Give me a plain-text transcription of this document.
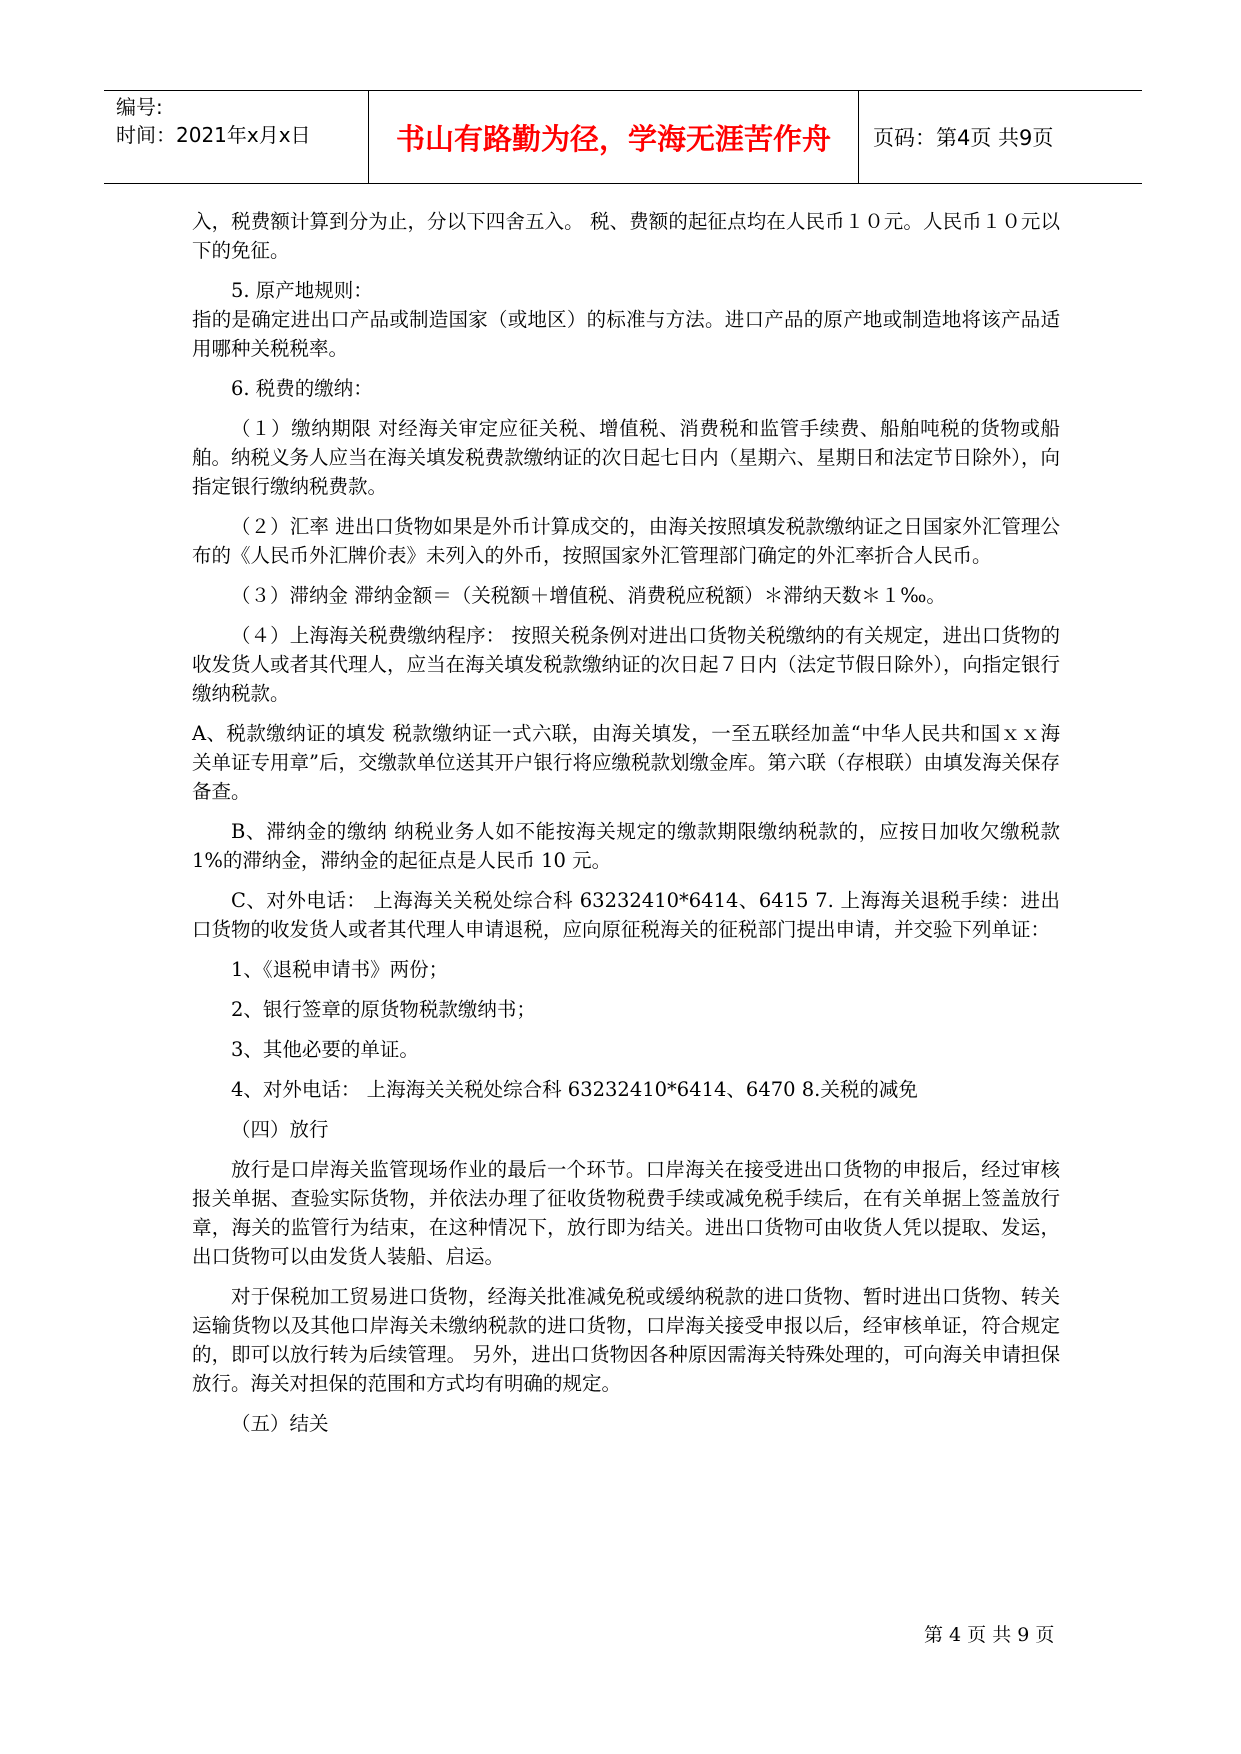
编号:
时间：2021年x月x日	书山有路勤为径，学海无涯苦作舟	页码：第4页 共9页

入，税费额计算到分为止，分以下四舍五入。 税、费额的起征点均在人民币１０元。人民币１０元以下的免征。

5. 原产地规则：

指的是确定进出口产品或制造国家（或地区）的标准与方法。进口产品的原产地或制造地将该产品适用哪种关税税率。

6. 税费的缴纳：

（１）缴纳期限 对经海关审定应征关税、增值税、消费税和监管手续费、船舶吨税的货物或船舶。纳税义务人应当在海关填发税费款缴纳证的次日起七日内（星期六、星期日和法定节日除外），向指定银行缴纳税费款。

（２）汇率 进出口货物如果是外币计算成交的，由海关按照填发税款缴纳证之日国家外汇管理公布的《人民币外汇牌价表》未列入的外币，按照国家外汇管理部门确定的外汇率折合人民币。

（３）滞纳金 滞纳金额＝（关税额＋增值税、消费税应税额）＊滞纳天数＊１‰。

（４）上海海关税费缴纳程序： 按照关税条例对进出口货物关税缴纳的有关规定，进出口货物的收发货人或者其代理人，应当在海关填发税款缴纳证的次日起７日内（法定节假日除外），向指定银行缴纳税款。

A、税款缴纳证的填发 税款缴纳证一式六联，由海关填发，一至五联经加盖“中华人民共和国ｘｘ海关单证专用章”后，交缴款单位送其开户银行将应缴税款划缴金库。第六联（存根联）由填发海关保存备查。

B、滞纳金的缴纳 纳税业务人如不能按海关规定的缴款期限缴纳税款的，应按日加收欠缴税款 1%的滞纳金，滞纳金的起征点是人民币 10 元。

C、对外电话： 上海海关关税处综合科 63232410*6414、6415 7. 上海海关退税手续：进出口货物的收发货人或者其代理人申请退税，应向原征税海关的征税部门提出申请，并交验下列单证：

1、《退税申请书》两份；

2、银行签章的原货物税款缴纳书；

3、其他必要的单证。

4、对外电话： 上海海关关税处综合科 63232410*6414、6470 8.关税的减免

（四）放行

放行是口岸海关监管现场作业的最后一个环节。口岸海关在接受进出口货物的申报后，经过审核报关单据、查验实际货物，并依法办理了征收货物税费手续或减免税手续后，在有关单据上签盖放行章，海关的监管行为结束，在这种情况下，放行即为结关。进出口货物可由收货人凭以提取、发运，出口货物可以由发货人装船、启运。

对于保税加工贸易进口货物，经海关批准减免税或缓纳税款的进口货物、暂时进出口货物、转关运输货物以及其他口岸海关未缴纳税款的进口货物，口岸海关接受申报以后，经审核单证，符合规定的，即可以放行转为后续管理。 另外，进出口货物因各种原因需海关特殊处理的，可向海关申请担保放行。海关对担保的范围和方式均有明确的规定。

（五）结关

第 4 页 共 9 页
